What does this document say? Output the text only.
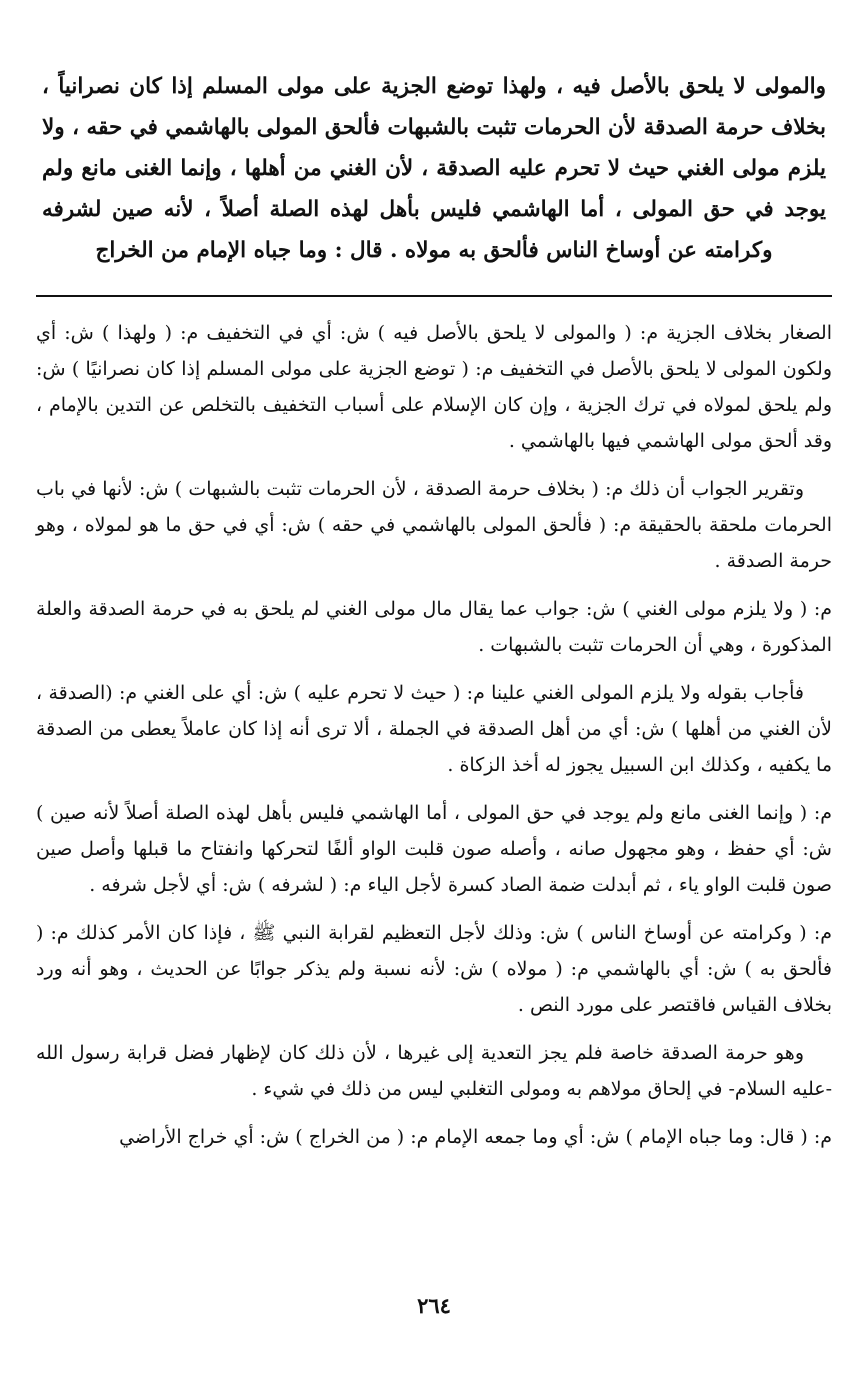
والمولى لا يلحق بالأصل فيه ، ولهذا توضع الجزية على مولى المسلم إذا كان نصرانياً ، بخلاف حرمة الصدقة لأن الحرمات تثبت بالشبهات فألحق المولى بالهاشمي في حقه ، ولا يلزم مولى الغني حيث لا تحرم عليه الصدقة ، لأن الغني من أهلها ، وإنما الغنى مانع ولم يوجد في حق المولى ، أما الهاشمي فليس بأهل لهذه الصلة أصلاً ، لأنه صين لشرفه وكرامته عن أوساخ الناس فألحق به مولاه . قال : وما جباه الإمام من الخراج

الصغار بخلاف الجزية م: ( والمولى لا يلحق بالأصل فيه ) ش: أي في التخفيف م: ( ولهذا ) ش: أي ولكون المولى لا يلحق بالأصل في التخفيف م: ( توضع الجزية على مولى المسلم إذا كان نصرانيًا ) ش: ولم يلحق لمولاه في ترك الجزية ، وإن كان الإسلام على أسباب التخفيف بالتخلص عن التدين بالإمام ، وقد ألحق مولى الهاشمي فيها بالهاشمي .

وتقرير الجواب أن ذلك م: ( بخلاف حرمة الصدقة ، لأن الحرمات تثبت بالشبهات ) ش: لأنها في باب الحرمات ملحقة بالحقيقة م: ( فألحق المولى بالهاشمي في حقه ) ش: أي في حق ما هو لمولاه ، وهو حرمة الصدقة .

م: ( ولا يلزم مولى الغني ) ش: جواب عما يقال مال مولى الغني لم يلحق به في حرمة الصدقة والعلة المذكورة ، وهي أن الحرمات تثبت بالشبهات .

فأجاب بقوله ولا يلزم المولى الغني علينا م: ( حيث لا تحرم عليه ) ش: أي على الغني م: (الصدقة ، لأن الغني من أهلها ) ش: أي من أهل الصدقة في الجملة ، ألا ترى أنه إذا كان عاملاً يعطى من الصدقة ما يكفيه ، وكذلك ابن السبيل يجوز له أخذ الزكاة .

م: ( وإنما الغنى مانع ولم يوجد في حق المولى ، أما الهاشمي فليس بأهل لهذه الصلة أصلاً لأنه صين ) ش: أي حفظ ، وهو مجهول صانه ، وأصله صون قلبت الواو ألفًا لتحركها وانفتاح ما قبلها وأصل صين صون قلبت الواو ياء ، ثم أبدلت ضمة الصاد كسرة لأجل الياء م: ( لشرفه ) ش: أي لأجل شرفه .

م: ( وكرامته عن أوساخ الناس ) ش: وذلك لأجل التعظيم لقرابة النبي ﷺ ، فإذا كان الأمر كذلك م: ( فألحق به ) ش: أي بالهاشمي م: ( مولاه ) ش: لأنه نسبة ولم يذكر جوابًا عن الحديث ، وهو أنه ورد بخلاف القياس فاقتصر على مورد النص .

وهو حرمة الصدقة خاصة فلم يجز التعدية إلى غيرها ، لأن ذلك كان لإظهار فضل قرابة رسول الله -عليه السلام- في إلحاق مولاهم به ومولى التغلبي ليس من ذلك في شيء .

م: ( قال: وما جباه الإمام ) ش: أي وما جمعه الإمام م: ( من الخراج ) ش: أي خراج الأراضي

٢٦٤
